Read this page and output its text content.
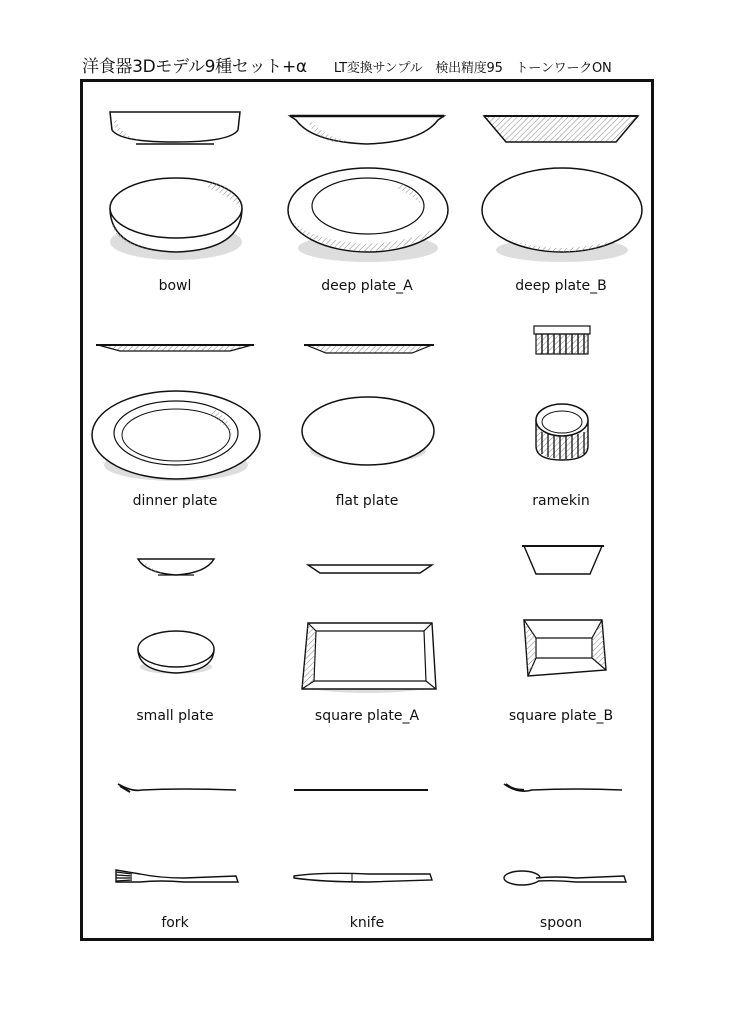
洋食器3Dモデル9種セット+α LT変換サンプル　検出精度95　トーンワークON
bowl	deep plate_A	deep plate_B
dinner plate	flat plate	ramekin
small plate	square plate_A	square plate_B
fork	knife	spoon
